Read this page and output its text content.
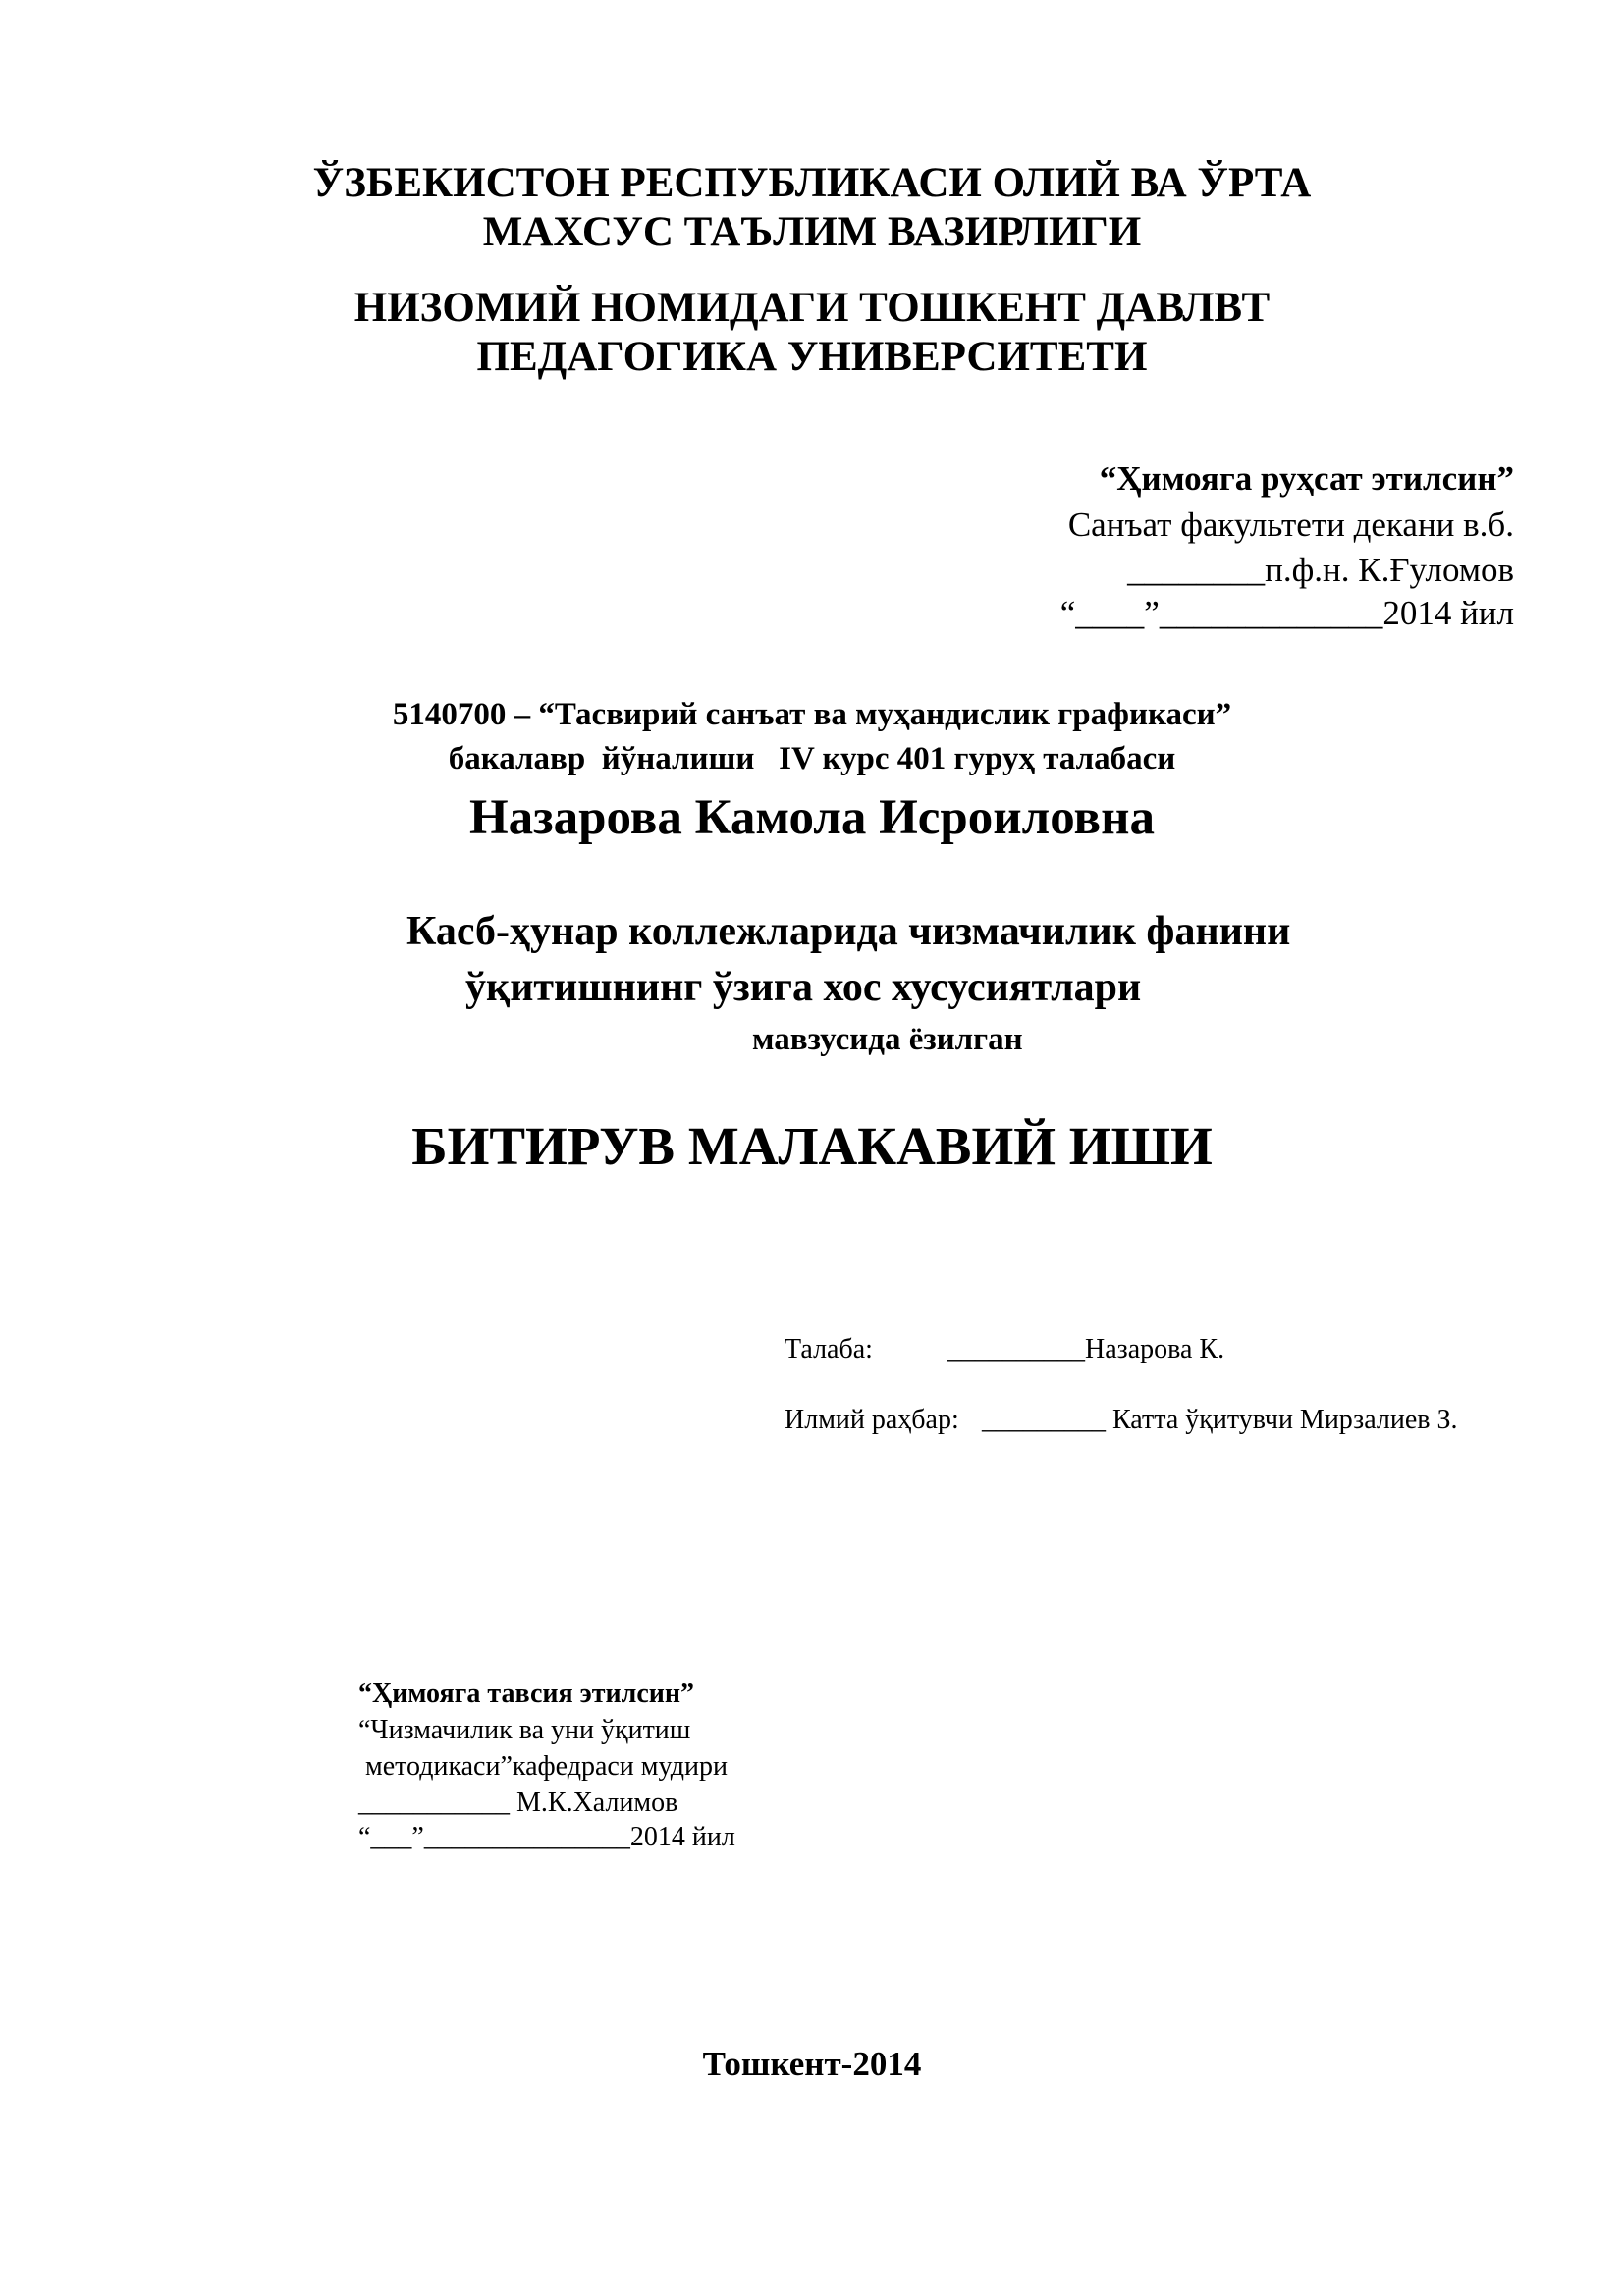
ЎЗБЕКИСТОН РЕСПУБЛИКАСИ ОЛИЙ ВА ЎРТА
МАХСУС ТАЪЛИМ ВАЗИРЛИГИ
НИЗОМИЙ НОМИДАГИ ТОШКЕНТ ДАВЛВТ
ПЕДАГОГИКА УНИВЕРСИТЕТИ
“Ҳимояга руҳсат этилсин”
Санъат факультети декани в.б.
________п.ф.н. К.Ғуломов
“____”_____________2014 йил
5140700 – “Тасвирий санъат ва муҳандислик графикаси”
бакалавр  йўналиши   IV курс 401 гуруҳ талабаси
Назарова Камола Исроиловна
Касб-ҳунар коллежларида чизмачилик фанини
ўқитишнинг ўзига хос хусусиятлари
мавзусида ёзилган
БИТИРУВ МАЛАКАВИЙ ИШИ
Талаба:	__________Назарова К.
Илмий раҳбар: _________ Катта ўқитувчи Мирзалиев З.
“Ҳимояга тавсия этилсин”
“Чизмачилик ва уни ўқитиш
методикаси”кафедраси мудири
___________ М.К.Халимов
“___”_______________2014 йил
Тошкент-2014
